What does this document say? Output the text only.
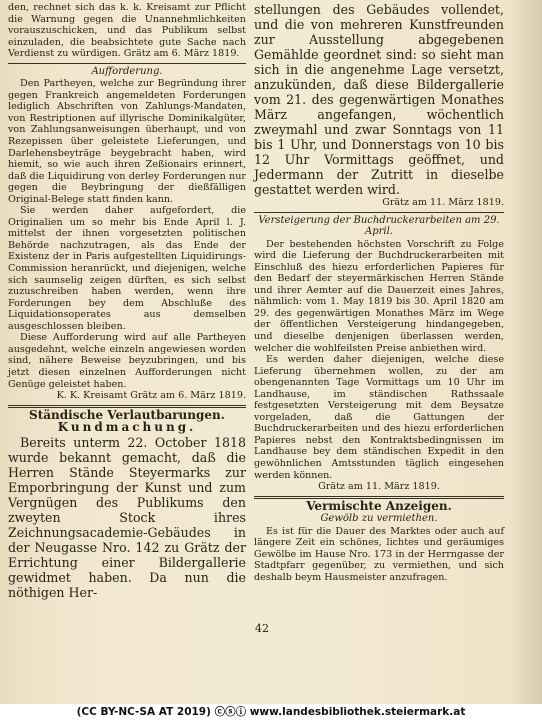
den, rechnet sich das k. k. Kreisamt zur Pflicht die Warnung gegen die Unannehmlichkeiten vorauszuschicken, und das Publikum selbst einzuladen, die beabsichtete gute Sache nach Verdienst zu würdigen. Grätz am 6. März 1819.

Aufforderung.

Den Partheyen, welche zur Begründung ihrer gegen Frankreich angemeldeten Forderungen lediglich Abschriften von Zahlungs-Mandaten, von Restriptionen auf illyrische Dominikalgüter, von Zahlungsanweisungen überhaupt, und von Rezepissen über geleistete Lieferungen, und Darlehensbeyträge beygebracht haben, wird hiemit, so wie auch ihren Zeßionairs erinnert, daß die Liquidirung von derley Forderungen nur gegen die Beybringung der dießfälligen Original-Belege statt finden kann.

Sie werden daher aufgefordert, die Originalien um so mehr bis Ende April l. J. mittelst der ihnen vorgesetzten politischen Behörde nachzutragen, als das Ende der Existenz der in Paris aufgestellten Liquidirungs-Commission heranrückt, und diejenigen, welche sich saumselig zeigen dürften, es sich selbst zuzuschreiben haben werden, wenn ihre Forderungen bey dem Abschluße des Liquidationsoperates aus demselben ausgeschlossen bleiben.

Diese Aufforderung wird auf alle Partheyen ausgedehnt, welche einzeln angewiesen worden sind, nähere Beweise beyzubringen, und bis jetzt diesen einzelnen Aufforderungen nicht Genüge geleistet haben.

K. K. Kreisamt Grätz am 6. März 1819.

Ständische Verlautbarungen.
Kundmachung.

Bereits unterm 22. October 1818 wurde bekannt gemacht, daß die Herren Stände Steyermarks zur Emporbringung der Kunst und zum Vergnügen des Publikums den zweyten Stock ihres Zeichnungsacademie-Gebäudes in der Neugasse Nro. 142 zu Grätz der Errichtung einer Bildergallerie gewidmet haben. Da nun die nöthigen Her-

stellungen des Gebäudes vollendet, und die von mehreren Kunstfreunden zur Ausstellung abgegebenen Gemählde geordnet sind: so sieht man sich in die angenehme Lage versetzt, anzukünden, daß diese Bildergallerie vom 21. des gegenwärtigen Monathes März angefangen, wöchentlich zweymahl und zwar Sonntags von 11 bis 1 Uhr, und Donnerstags von 10 bis 12 Uhr Vormittags geöffnet, und Jedermann der Zutritt in dieselbe gestattet werden wird.

Grätz am 11. März 1819.

Versteigerung der Buchdruckerarbeiten am 29. April.

Der bestehenden höchsten Vorschrift zu Folge wird die Lieferung der Buchdruckerarbeiten mit Einschluß des hiezu erforderlichen Papieres für den Bedarf der steyermärkischen Herren Stände und ihrer Aemter auf die Dauerzeit eines Jahres, nähmlich: vom 1. May 1819 bis 30. April 1820 am 29. des gegenwärtigen Monathes März im Wege der öffentlichen Versteigerung hindangegeben, und dieselbe denjenigen überlassen werden, welcher die wohlfeilsten Preise anbiethen wird.

Es werden daher diejenigen, welche diese Lieferung übernehmen wollen, zu der am obengenannten Tage Vormittags um 10 Uhr im Landhause, im ständischen Rathssaale festgesetzten Versteigerung mit dem Beysatze vorgeladen, daß die Gattungen der Buchdruckerarbeiten und des hiezu erforderlichen Papieres nebst den Kontraktsbedingnissen im Landhause bey dem ständischen Expedit in den gewöhnlichen Amtsstunden täglich eingesehen werden können.

Grätz am 11. März 1819.

Vermischte Anzeigen.
Gewölb zu vermiethen.

Es ist für die Dauer des Marktes oder auch auf längere Zeit ein schönes, lichtes und geräumiges Gewölbe im Hause Nro. 173 in der Herrngasse der Stadtpfarr gegenüber, zu vermiethen, und sich deshalb beym Hausmeister anzufragen.

42
(CC BY-NC-SA AT 2019) ⓒⓢⓘ www.landesbibliothek.steiermark.at
